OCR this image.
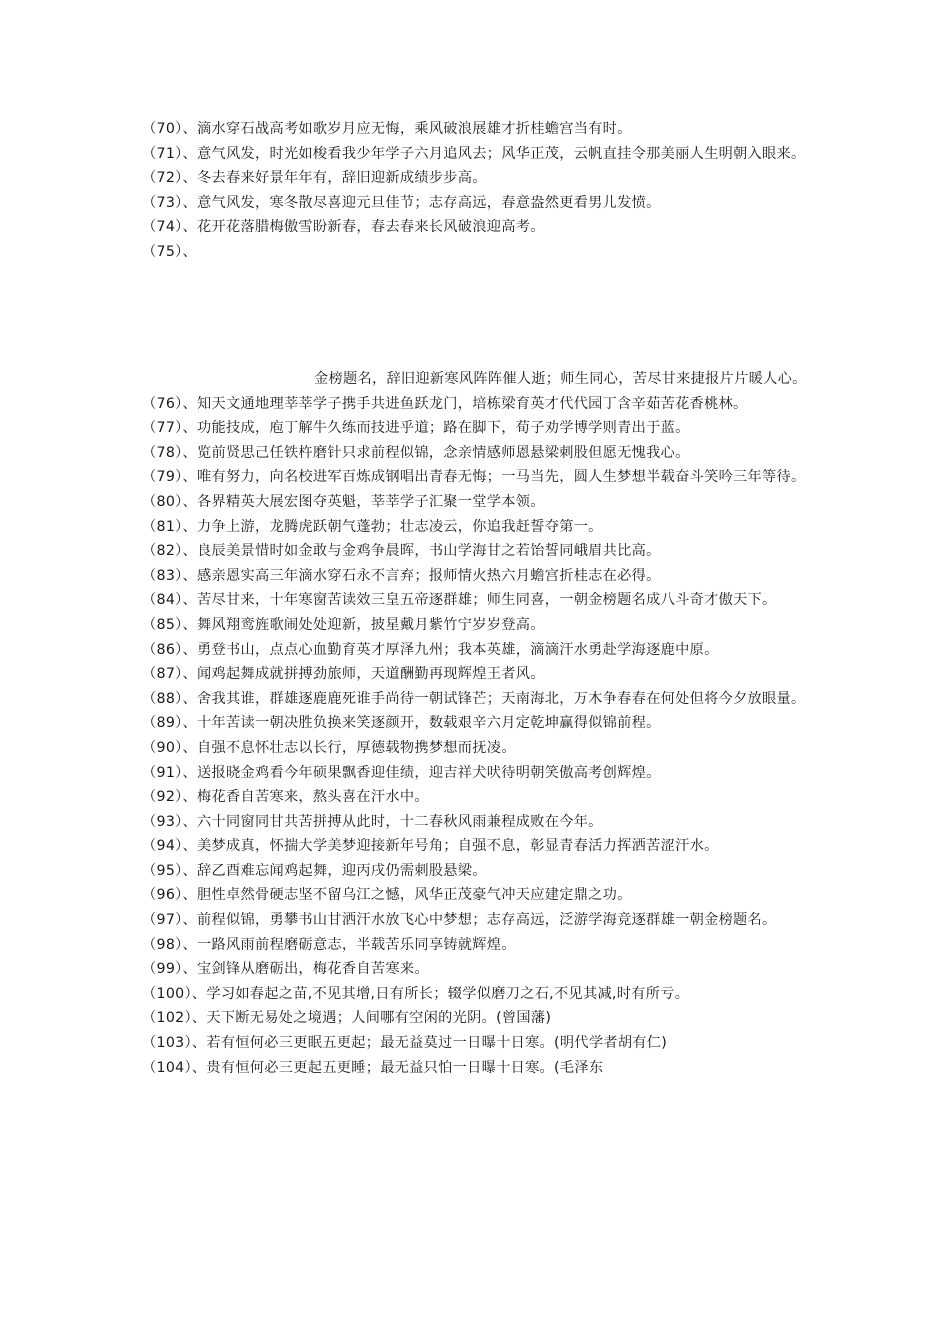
（70）、滴水穿石战高考如歌岁月应无悔，乘风破浪展雄才折桂蟾宫当有时。

（71）、意气风发，时光如梭看我少年学子六月追风去；风华正茂，云帆直挂令那美丽人生明朝入眼来。

（72）、冬去春来好景年年有，辞旧迎新成绩步步高。

（73）、意气风发，寒冬散尽喜迎元旦佳节；志存高远，春意盎然更看男儿发愤。

（74）、花开花落腊梅傲雪盼新春，春去春来长风破浪迎高考。

（75）、

金榜题名，辞旧迎新寒风阵阵催人逝；师生同心，苦尽甘来捷报片片暖人心。

（76）、知天文通地理莘莘学子携手共进鱼跃龙门，培栋梁育英才代代园丁含辛茹苦花香桃林。

（77）、功能技成，庖丁解牛久练而技进乎道；路在脚下，荀子劝学博学则青出于蓝。

（78）、览前贤思己任铁杵磨针只求前程似锦，念亲情感师恩悬梁刺股但愿无愧我心。

（79）、唯有努力，向名校进军百炼成钢唱出青春无悔；一马当先，圆人生梦想半载奋斗笑吟三年等待。

（80）、各界精英大展宏图夺英魁，莘莘学子汇聚一堂学本领。

（81）、力争上游，龙腾虎跃朝气蓬勃；壮志凌云，你追我赶誓夺第一。

（82）、良辰美景惜时如金敢与金鸡争晨晖，书山学海甘之若饴誓同峨眉共比高。

（83）、感亲恩实高三年滴水穿石永不言弃；报师情火热六月蟾宫折桂志在必得。

（84）、苦尽甘来，十年寒窗苦读效三皇五帝逐群雄；师生同喜，一朝金榜题名成八斗奇才傲天下。

（85）、舞风翔鸾旌歌闹处处迎新，披星戴月紫竹宁岁岁登高。

（86）、勇登书山，点点心血勤育英才厚泽九州；我本英雄，滴滴汗水勇赴学海逐鹿中原。

（87）、闻鸡起舞成就拼搏劲旅师，天道酬勤再现辉煌王者风。

（88）、舍我其谁，群雄逐鹿鹿死谁手尚待一朝试锋芒；天南海北，万木争春春在何处但将今夕放眼量。

（89）、十年苦读一朝决胜负换来笑逐颜开，数载艰辛六月定乾坤赢得似锦前程。

（90）、自强不息怀壮志以长行，厚德载物携梦想而抚凌。

（91）、送报晓金鸡看今年硕果飘香迎佳绩，迎吉祥犬吠待明朝笑傲高考创辉煌。

（92）、梅花香自苦寒来，熬头喜在汗水中。

（93）、六十同窗同甘共苦拼搏从此时，十二春秋风雨兼程成败在今年。

（94）、美梦成真，怀揣大学美梦迎接新年号角；自强不息，彰显青春活力挥洒苦涩汗水。

（95）、辞乙酉难忘闻鸡起舞，迎丙戌仍需刺股悬梁。

（96）、胆性卓然骨硬志坚不留乌江之憾，风华正茂豪气冲天应建定鼎之功。

（97）、前程似锦，勇攀书山甘洒汗水放飞心中梦想；志存高远，泛游学海竞逐群雄一朝金榜题名。

（98）、一路风雨前程磨砺意志，半载苦乐同享铸就辉煌。

（99）、宝剑锋从磨砺出，梅花香自苦寒来。

（100）、学习如春起之苗,不见其增,日有所长；辍学似磨刀之石,不见其减,时有所亏。

（102）、天下断无易处之境遇；人间哪有空闲的光阴。(曾国藩)

（103）、若有恒何必三更眠五更起；最无益莫过一日曝十日寒。(明代学者胡有仁)

（104）、贵有恒何必三更起五更睡；最无益只怕一日曝十日寒。(毛泽东
